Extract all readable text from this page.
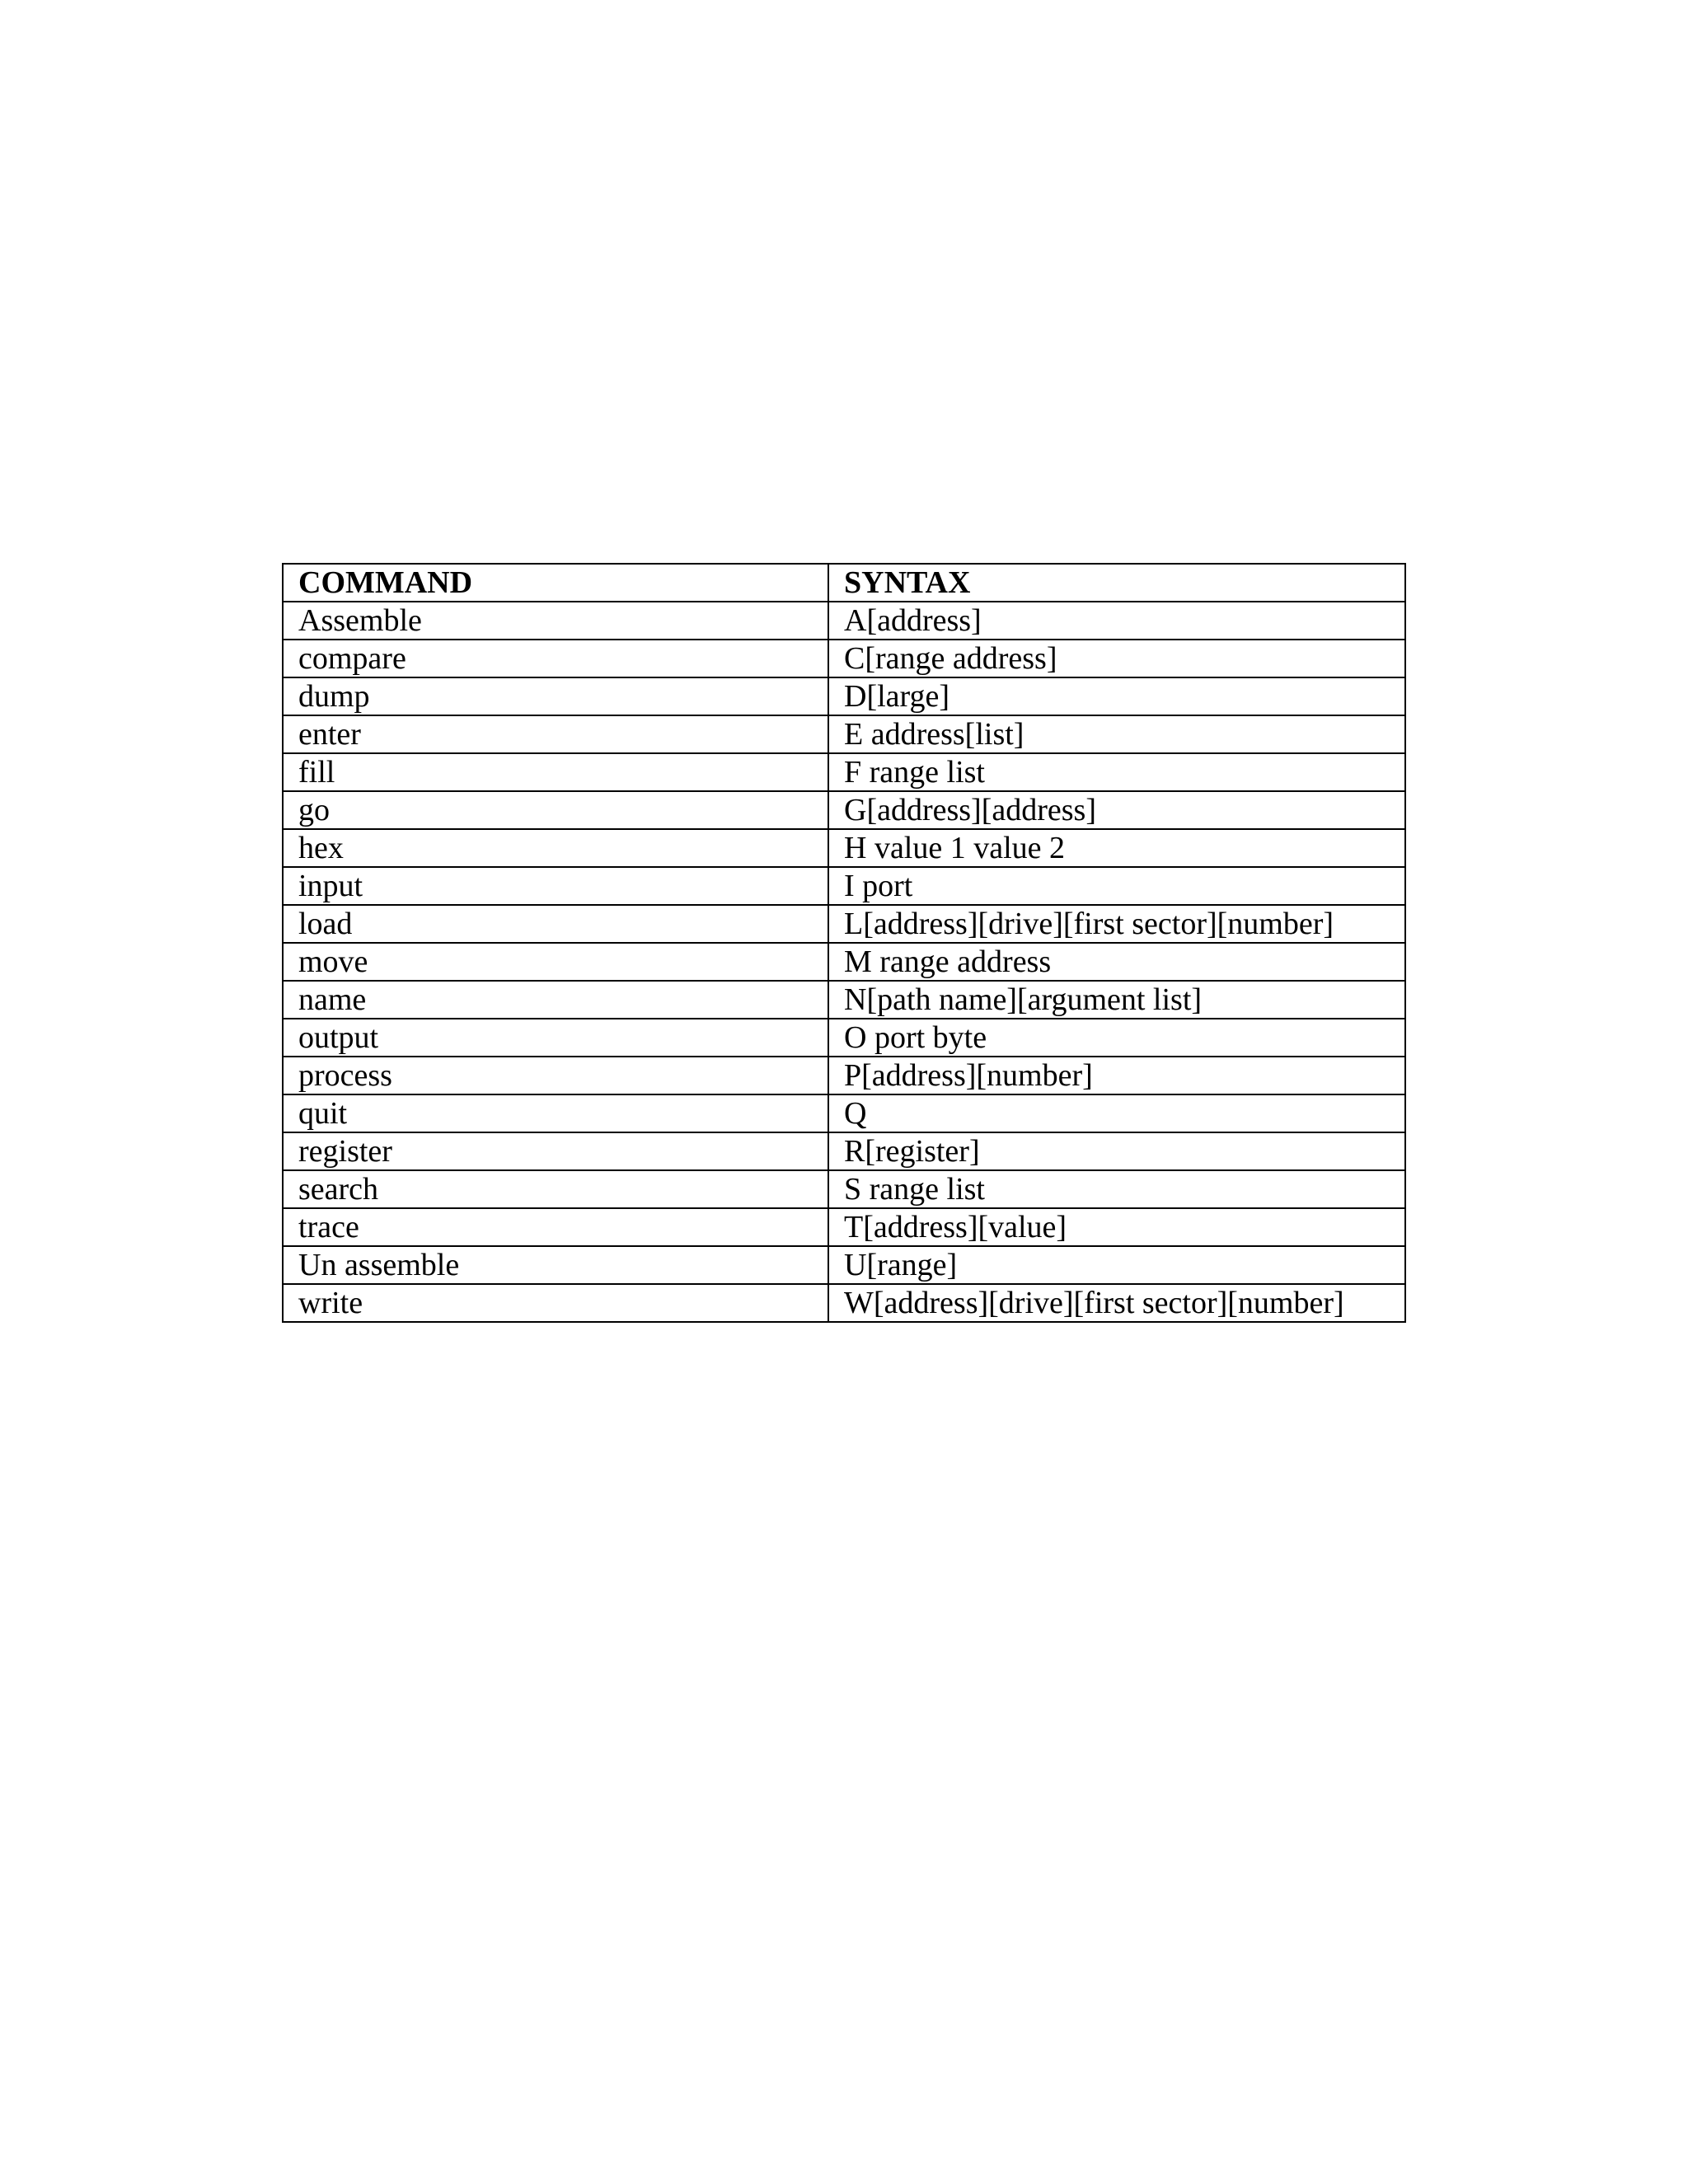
COMMAND	SYNTAX
Assemble	A[address]
compare	C[range address]
dump	D[large]
enter	E address[list]
fill	F range list
go	G[address][address]
hex	H value 1 value 2
input	I port
load	L[address][drive][first sector][number]
move	M range address
name	N[path name][argument list]
output	O port byte
process	P[address][number]
quit	Q
register	R[register]
search	S range list
trace	T[address][value]
Un assemble	U[range]
write	W[address][drive][first sector][number]
